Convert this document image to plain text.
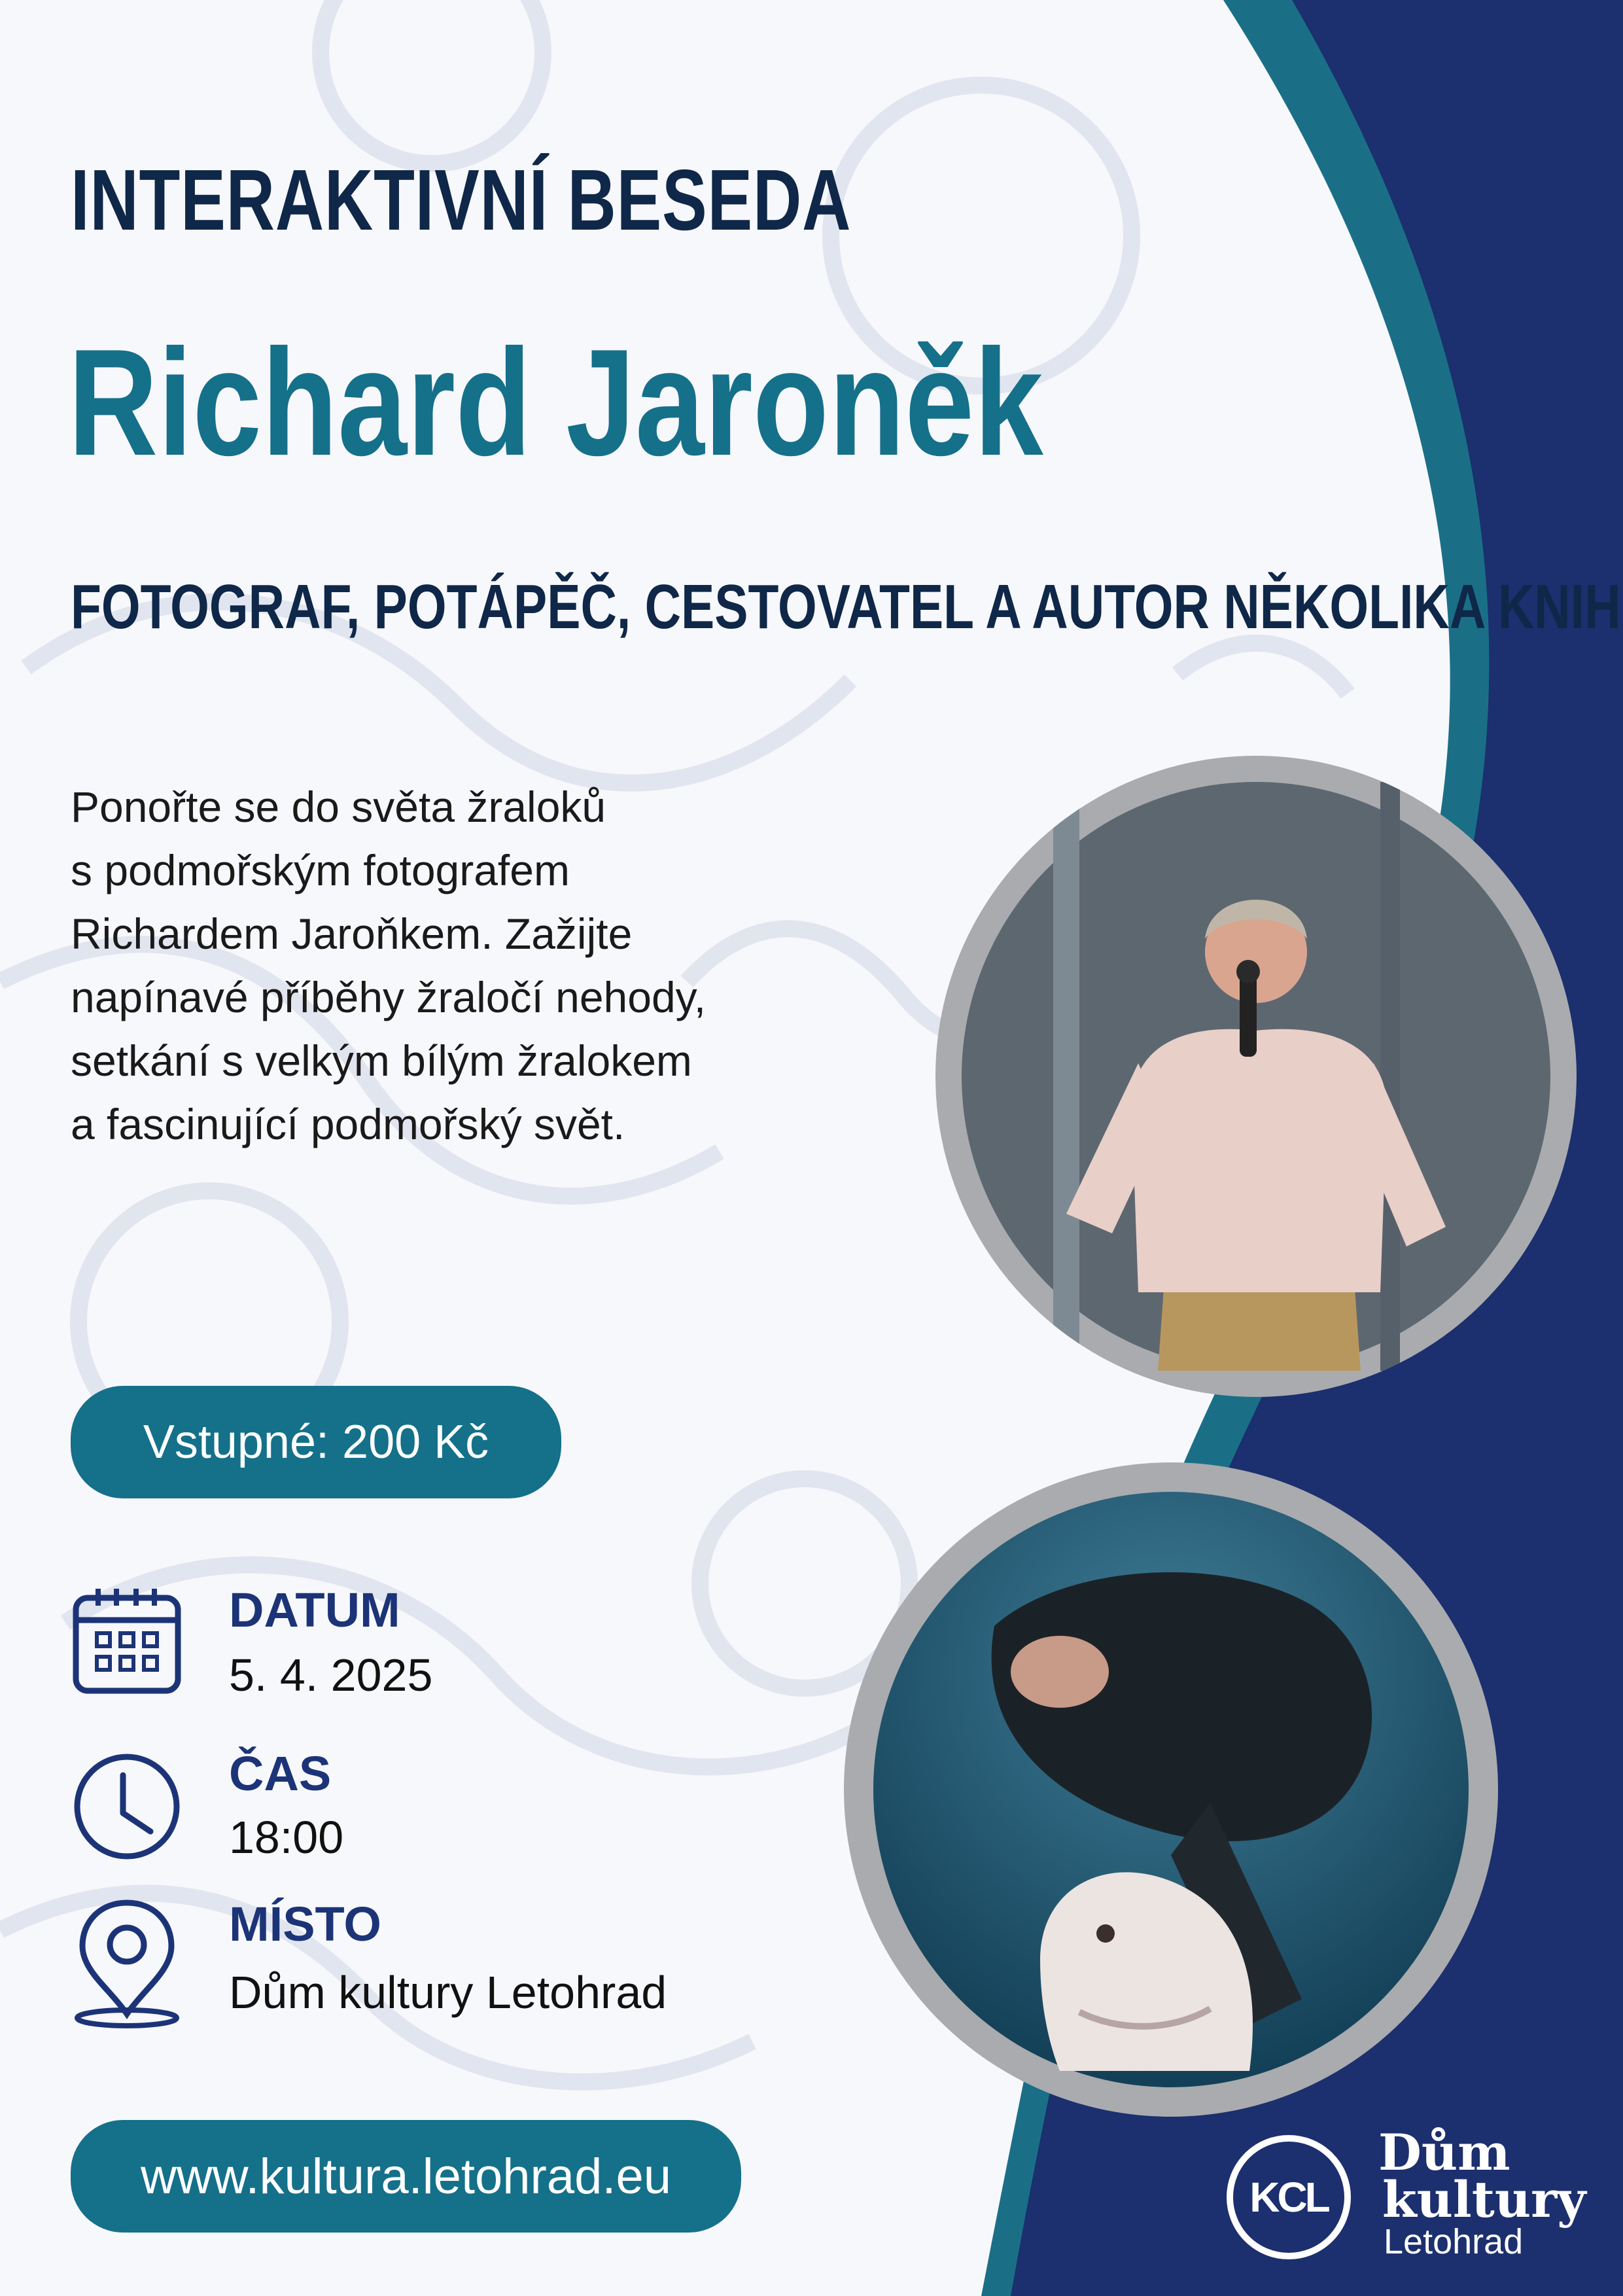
INTERAKTIVNÍ BESEDA
Richard Jaroněk
FOTOGRAF, POTÁPĚČ, CESTOVATEL A AUTOR NĚKOLIKA KNIH
Ponořte se do světa žraloků
s podmořským fotografem
Richardem Jaroňkem. Zažijte
napínavé příběhy žraločí nehody,
setkání s velkým bílým žralokem
a fascinující podmořský svět.
Vstupné: 200 Kč
DATUM
5. 4. 2025
ČAS
18:00
MÍSTO
Dům kultury Letohrad
www.kultura.letohrad.eu	KCL
Dům
kultury
Letohrad
